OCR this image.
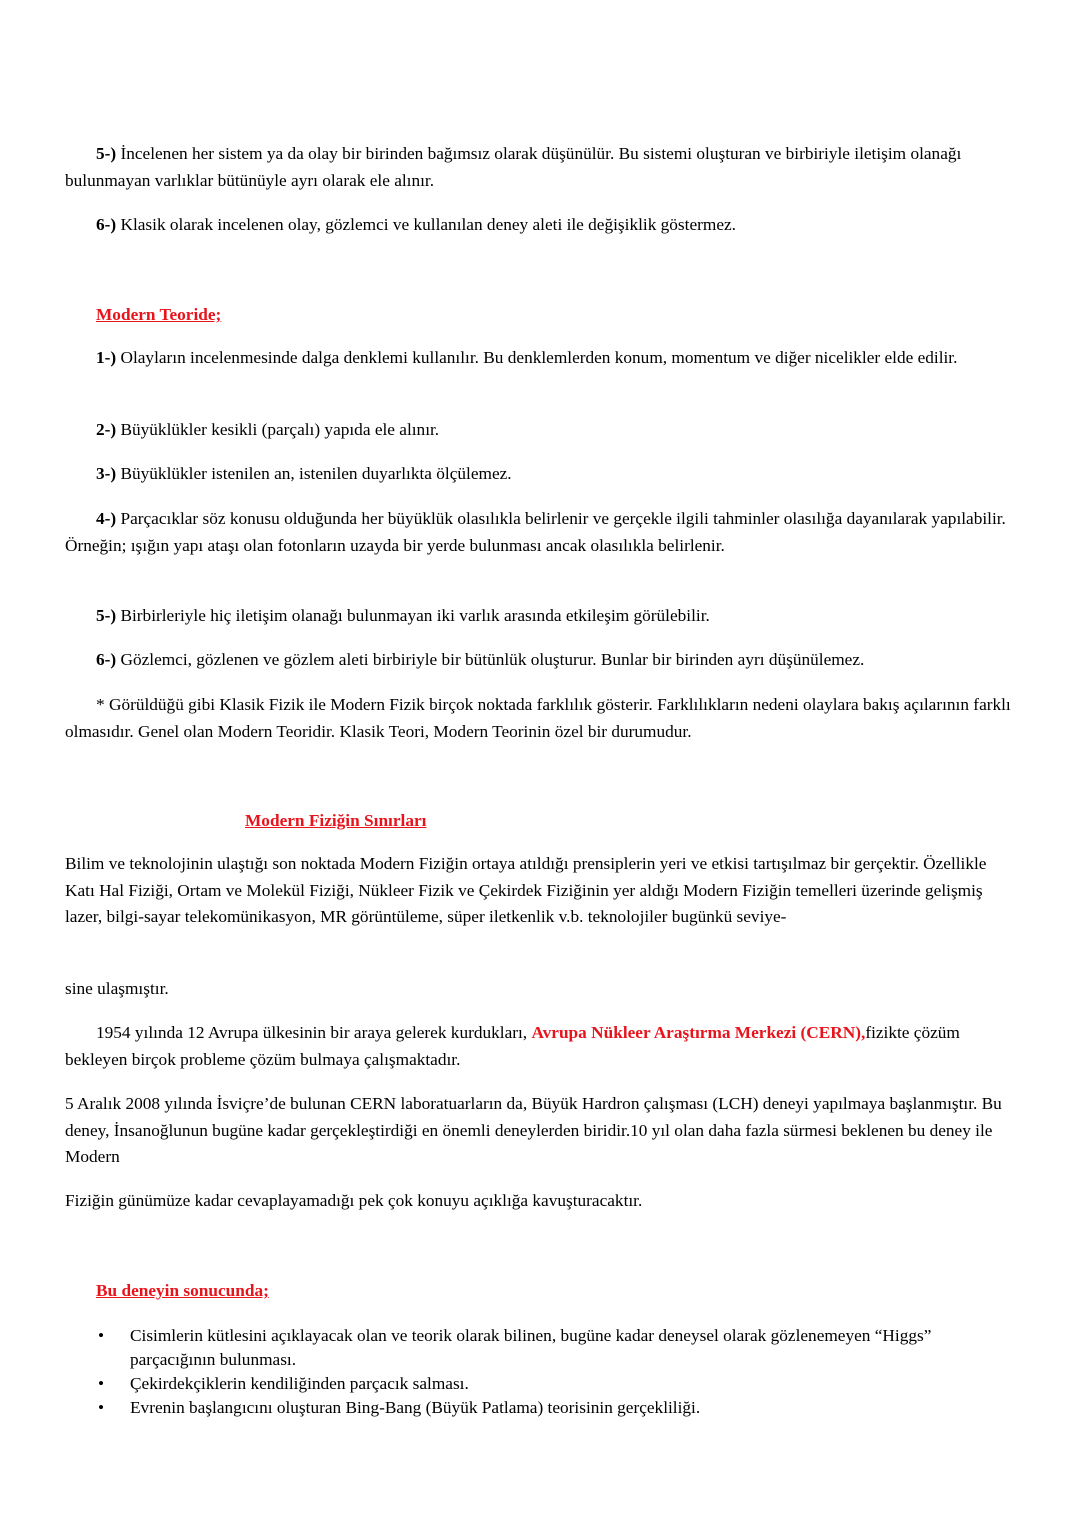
5-) İncelenen her sistem ya da olay bir birinden bağımsız olarak düşünülür. Bu sistemi oluşturan ve birbiriyle iletişim olanağı bulunmayan varlıklar bütünüyle ayrı olarak ele alınır.

6-) Klasik olarak incelenen olay, gözlemci ve kullanılan deney aleti ile değişiklik göstermez.

Modern Teoride;

1-) Olayların incelenmesinde dalga denklemi kullanılır. Bu denklemlerden konum, momentum ve diğer nicelikler elde edilir.

2-) Büyüklükler kesikli (parçalı) yapıda ele alınır.

3-) Büyüklükler istenilen an, istenilen duyarlıkta ölçülemez.

4-) Parçacıklar söz konusu olduğunda her büyüklük olasılıkla belirlenir ve gerçekle ilgili tahminler olasılığa dayanılarak yapılabilir. Örneğin; ışığın yapı ataşı olan fotonların uzayda bir yerde bulunması ancak olasılıkla belirlenir.

5-) Birbirleriyle hiç iletişim olanağı bulunmayan iki varlık arasında etkileşim görülebilir.

6-) Gözlemci, gözlenen ve gözlem aleti birbiriyle bir bütünlük oluşturur. Bunlar bir birinden ayrı düşünülemez.

* Görüldüğü gibi Klasik Fizik ile Modern Fizik birçok noktada farklılık gösterir. Farklılıkların nedeni olaylara bakış açılarının farklı olmasıdır. Genel olan Modern Teoridir. Klasik Teori, Modern Teorinin özel bir durumudur.

Modern Fiziğin Sınırları

Bilim ve teknolojinin ulaştığı son noktada Modern Fiziğin ortaya atıldığı prensiplerin yeri ve etkisi tartışılmaz bir gerçektir. Özellikle Katı Hal Fiziği, Ortam ve Molekül Fiziği, Nükleer Fizik ve Çekirdek Fiziğinin yer aldığı Modern Fiziğin temelleri üzerinde gelişmiş lazer, bilgi-sayar telekomünikasyon, MR görüntüleme, süper iletkenlik v.b. teknolojiler bugünkü seviye-

sine ulaşmıştır.

1954 yılında 12 Avrupa ülkesinin bir araya gelerek kurdukları, Avrupa Nükleer Araştırma Merkezi (CERN),fizikte çözüm bekleyen birçok probleme çözüm bulmaya çalışmaktadır.

5 Aralık 2008 yılında İsviçre’de bulunan CERN laboratuarların da, Büyük Hardron çalışması (LCH) deneyi yapılmaya başlanmıştır. Bu deney, İnsanoğlunun bugüne kadar gerçekleştirdiği en önemli deneylerden biridir.10 yıl olan daha fazla sürmesi beklenen bu deney ile Modern

Fiziğin günümüze kadar cevaplayamadığı pek çok konuyu açıklığa kavuşturacaktır.

Bu deneyin sonucunda;
• Cisimlerin kütlesini açıklayacak olan ve teorik olarak bilinen, bugüne kadar deneysel olarak gözlenemeyen “Higgs” parçacığının bulunması.
• Çekirdekçiklerin kendiliğinden parçacık salması.
• Evrenin başlangıcını oluşturan Bing-Bang (Büyük Patlama) teorisinin gerçekliliği.
